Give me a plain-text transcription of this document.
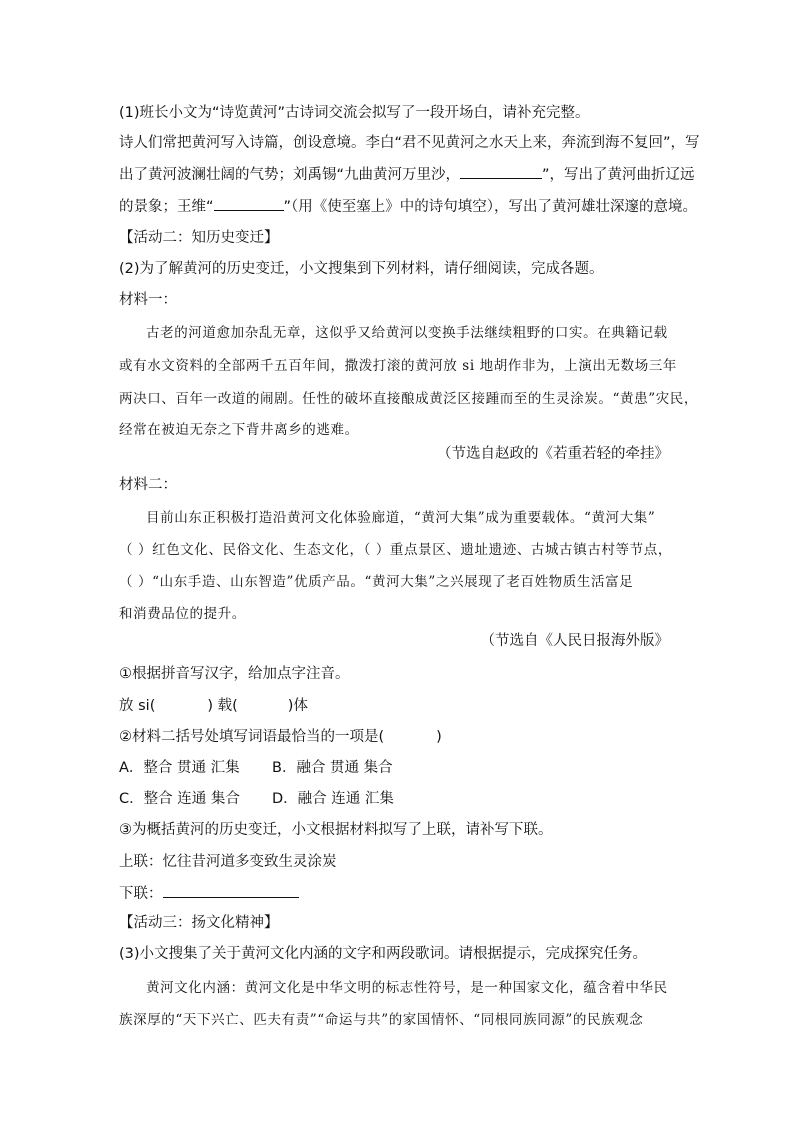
(1)班长小文为“诗览黄河”古诗词交流会拟写了一段开场白，请补充完整。
诗人们常把黄河写入诗篇，创设意境。李白“君不见黄河之水天上来，奔流到海不复回”，写
出了黄河波澜壮阔的气势；刘禹锡“九曲黄河万里沙，	”，写出了黄河曲折辽远
的景象；王维“	”（用《使至塞上》中的诗句填空），写出了黄河雄壮深邃的意境。
【活动二：知历史变迁】
(2)为了解黄河的历史变迁，小文搜集到下列材料，请仔细阅读，完成各题。
材料一：
古老的河道愈加杂乱无章，这似乎又给黄河以变换手法继续粗野的口实。在典籍记载
或有水文资料的全部两千五百年间，撒泼打滚的黄河放 si 地胡作非为，上演出无数场三年
两决口、百年一改道的闹剧。任性的破坏直接酿成黄泛区接踵而至的生灵涂炭。“黄患”灾民，
经常在被迫无奈之下背井离乡的逃难。
（节选自赵政的《若重若轻的牵挂》
材料二：
目前山东正积极打造沿黄河文化体验廊道，“黄河大集”成为重要载体。“黄河大集”
（ ）红色文化、民俗文化、生态文化，（ ）重点景区、遗址遗迹、古城古镇古村等节点，
（ ）“山东手造、山东智造”优质产品。“黄河大集”之兴展现了老百姓物质生活富足
和消费品位的提升。
（节选自《人民日报海外版》
①根据拼音写汉字，给加点字注音。
放 si(	) 载(	)体
②材料二括号处填写词语最恰当的一项是(	)
A．整合 贯通 汇集 B．融合 贯通 集合
C．整合 连通 集合 D．融合 连通 汇集
③为概括黄河的历史变迁，小文根据材料拟写了上联，请补写下联。
上联：忆往昔河道多变致生灵涂炭
下联：
【活动三：扬文化精神】
(3)小文搜集了关于黄河文化内涵的文字和两段歌词。请根据提示，完成探究任务。
黄河文化内涵：黄河文化是中华文明的标志性符号，是一种国家文化，蕴含着中华民
族深厚的“天下兴亡、匹夫有责”“命运与共”的家国情怀、“同根同族同源”的民族观念
